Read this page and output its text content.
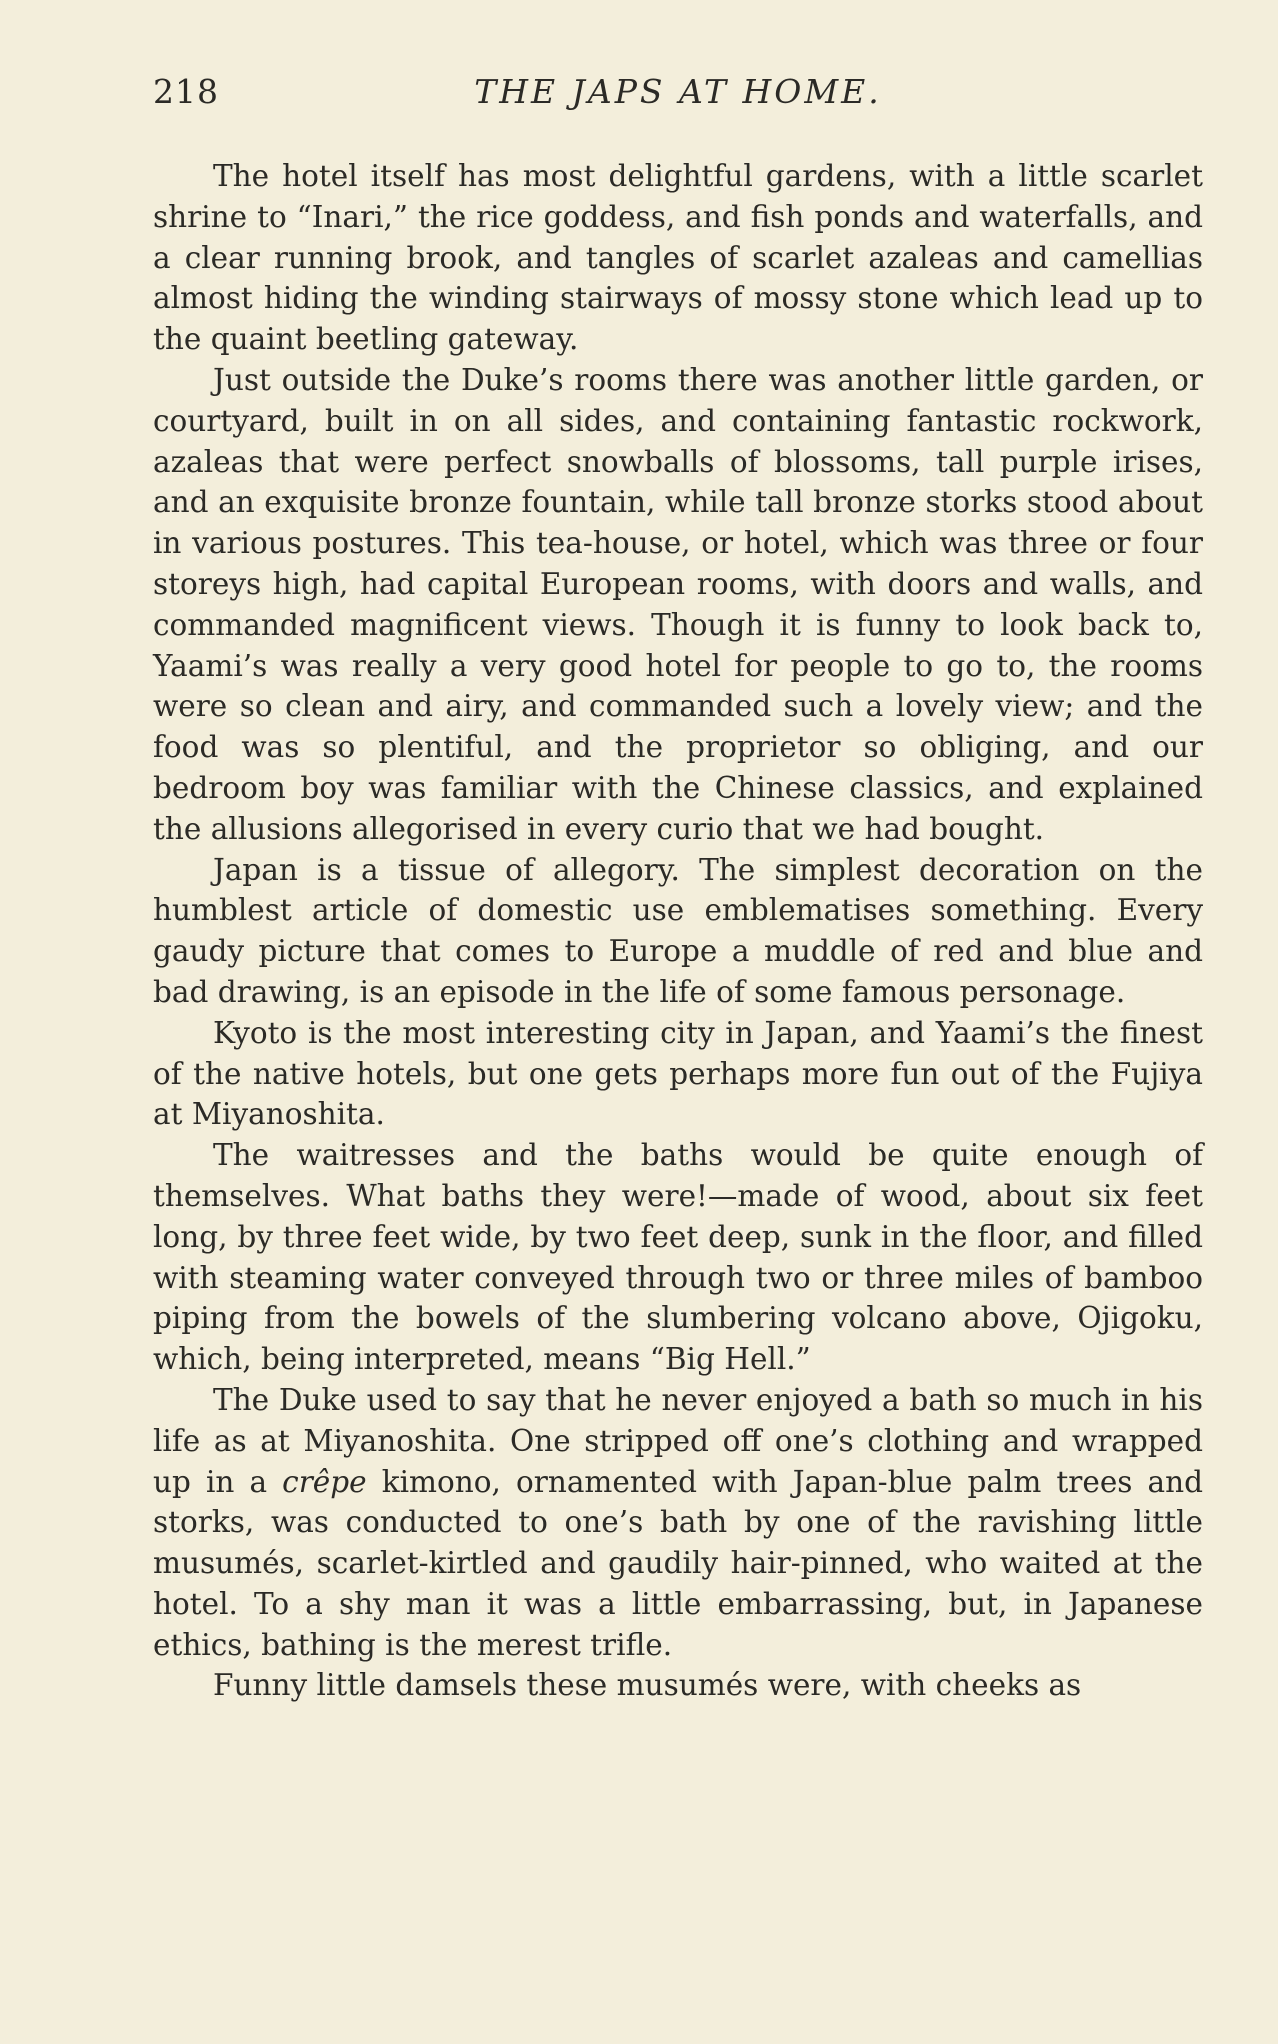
218	THE JAPS AT HOME.

The hotel itself has most delightful gardens, with a little scarlet shrine to “Inari,” the rice goddess, and fish ponds and waterfalls, and a clear running brook, and tangles of scarlet azaleas and camellias almost hiding the winding stairways of mossy stone which lead up to the quaint beetling gateway.

Just outside the Duke’s rooms there was another little garden, or courtyard, built in on all sides, and containing fantastic rockwork, azaleas that were perfect snowballs of blossoms, tall purple irises, and an exquisite bronze fountain, while tall bronze storks stood about in various postures. This tea-house, or hotel, which was three or four storeys high, had capital European rooms, with doors and walls, and commanded magnificent views. Though it is funny to look back to, Yaami’s was really a very good hotel for people to go to, the rooms were so clean and airy, and commanded such a lovely view; and the food was so plentiful, and the proprietor so obliging, and our bedroom boy was familiar with the Chinese classics, and explained the allusions allegorised in every curio that we had bought.

Japan is a tissue of allegory. The simplest decoration on the humblest article of domestic use emblematises something. Every gaudy picture that comes to Europe a muddle of red and blue and bad drawing, is an episode in the life of some famous personage.

Kyoto is the most interesting city in Japan, and Yaami’s the finest of the native hotels, but one gets perhaps more fun out of the Fujiya at Miyanoshita.

The waitresses and the baths would be quite enough of themselves. What baths they were!—made of wood, about six feet long, by three feet wide, by two feet deep, sunk in the floor, and filled with steaming water conveyed through two or three miles of bamboo piping from the bowels of the slumbering volcano above, Ojigoku, which, being interpreted, means “Big Hell.”

The Duke used to say that he never enjoyed a bath so much in his life as at Miyanoshita. One stripped off one’s clothing and wrapped up in a crêpe kimono, ornamented with Japan-blue palm trees and storks, was conducted to one’s bath by one of the ravishing little musumés, scarlet-kirtled and gaudily hair-pinned, who waited at the hotel. To a shy man it was a little embarrassing, but, in Japanese ethics, bathing is the merest trifle.

Funny little damsels these musumés were, with cheeks as
